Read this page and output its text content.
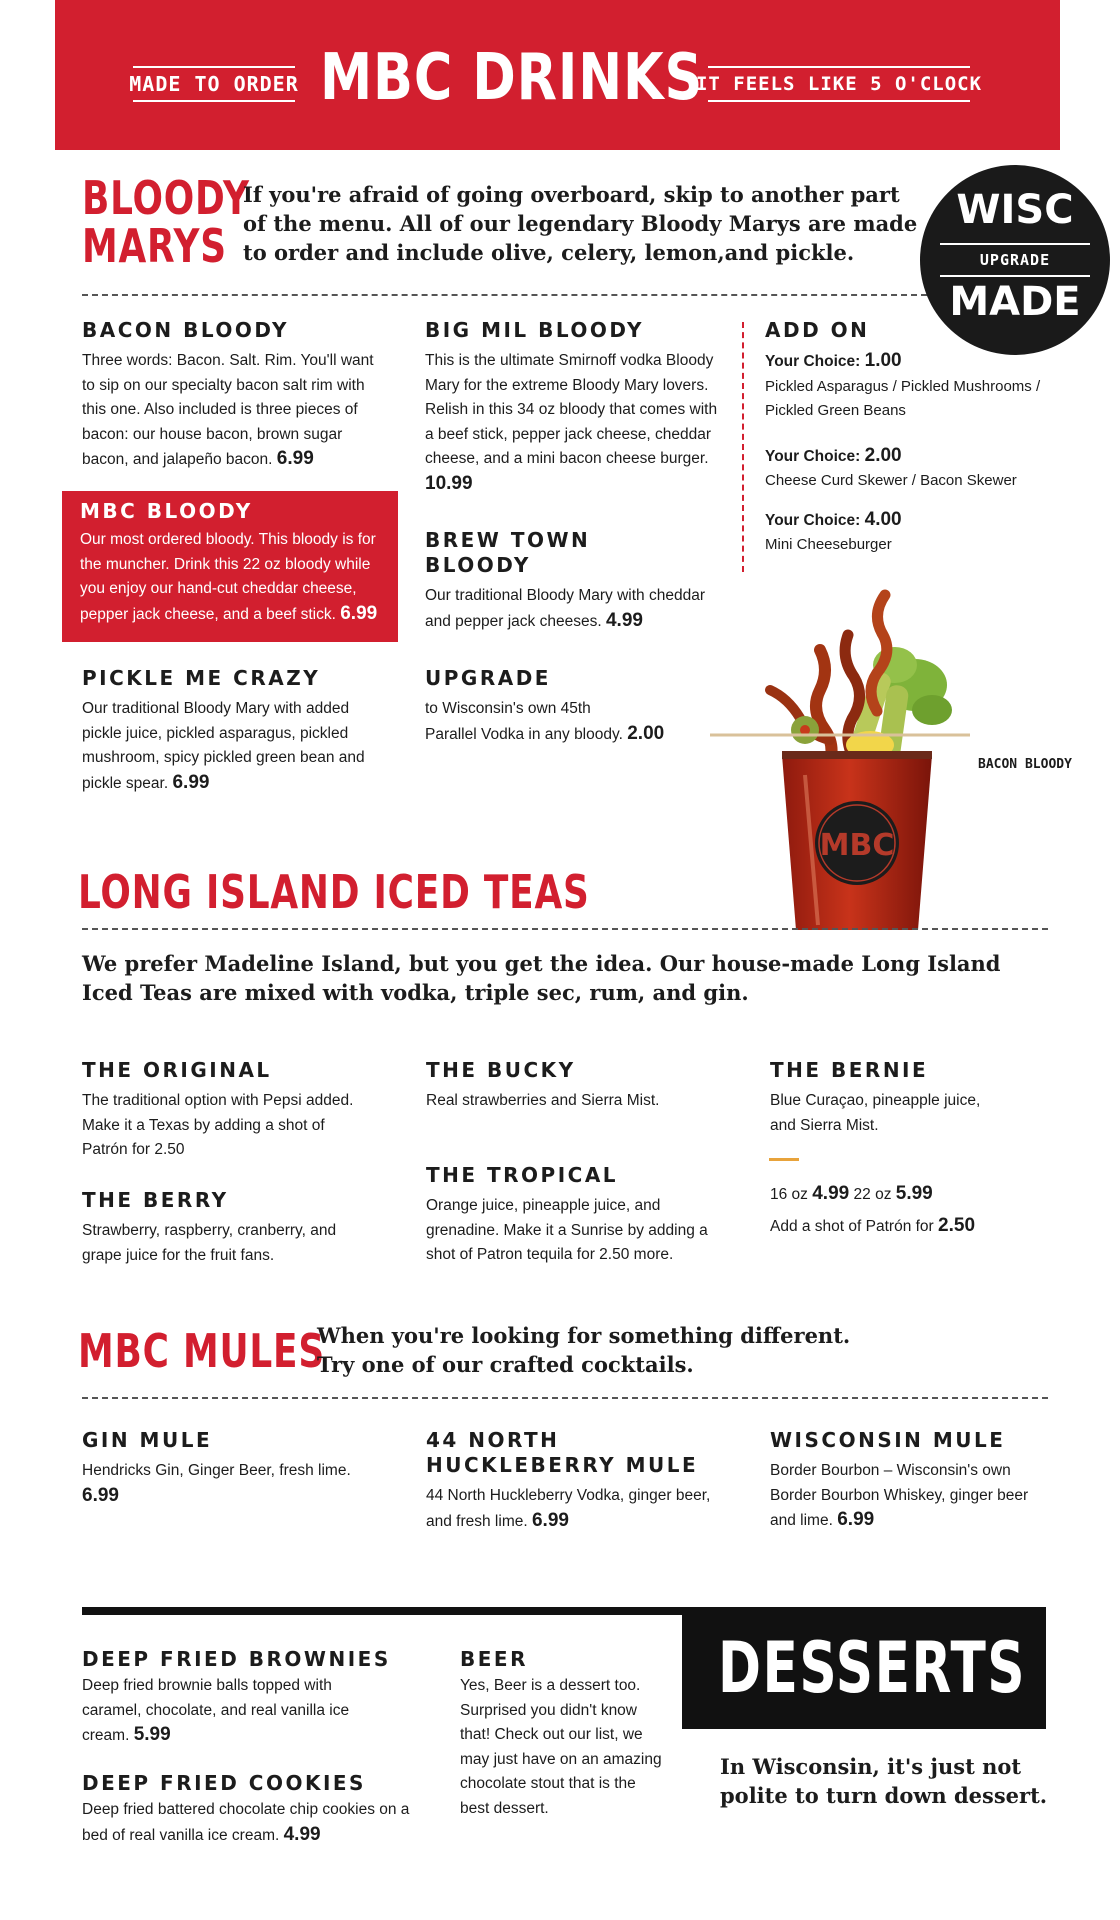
MADE TO ORDER MBC DRINKS
IT FEELS LIKE 5 O'CLOCK
BLOODY
MARYS
If you're afraid of going overboard, skip to another part of the menu. All of our legendary Bloody Marys are made to order and include olive, celery, lemon,and pickle.
WISC
UPGRADE
MADE
BACON BLOODY
Three words: Bacon. Salt. Rim. You'll want to sip on our specialty bacon salt rim with this one. Also included is three pieces of bacon: our house bacon, brown sugar bacon, and jalapeño bacon. 6.99
MBC BLOODY
Our most ordered bloody. This bloody is for the muncher. Drink this 22 oz bloody while you enjoy our hand-cut cheddar cheese, pepper jack cheese, and a beef stick. 6.99
PICKLE ME CRAZY
Our traditional Bloody Mary with added pickle juice, pickled asparagus, pickled mushroom, spicy pickled green bean and pickle spear. 6.99
BIG MIL BLOODY
This is the ultimate Smirnoff vodka Bloody Mary for the extreme Bloody Mary lovers. Relish in this 34 oz bloody that comes with a beef stick, pepper jack cheese, cheddar cheese, and a mini bacon cheese burger. 10.99
BREW TOWN
BLOODY
Our traditional Bloody Mary with cheddar and pepper jack cheeses. 4.99
UPGRADE
to Wisconsin's own 45th
Parallel Vodka in any bloody. 2.00
ADD ON
Your Choice: 1.00
Pickled Asparagus / Pickled Mushrooms / Pickled Green Beans
Your Choice: 2.00
Cheese Curd Skewer / Bacon Skewer
Your Choice: 4.00
Mini Cheeseburger
MBC
BACON BLOODY
LONG ISLAND ICED TEAS
We prefer Madeline Island, but you get the idea. Our house-made Long Island Iced Teas are mixed with vodka, triple sec, rum, and gin.
THE ORIGINAL
The traditional option with Pepsi added. Make it a Texas by adding a shot of Patrón for 2.50
THE BERRY
Strawberry, raspberry, cranberry, and grape juice for the fruit fans.
THE BUCKY
Real strawberries and Sierra Mist.
THE TROPICAL
Orange juice, pineapple juice, and grenadine. Make it a Sunrise by adding a shot of Patron tequila for 2.50 more.
THE BERNIE
Blue Curaçao, pineapple juice, and Sierra Mist.
16 oz 4.99 22 oz 5.99
Add a shot of Patrón for 2.50
MBC MULES
When you're looking for something different.
Try one of our crafted cocktails.
GIN MULE
Hendricks Gin, Ginger Beer, fresh lime.
6.99
44 NORTH
HUCKLEBERRY MULE
44 North Huckleberry Vodka, ginger beer, and fresh lime. 6.99
WISCONSIN MULE
Border Bourbon – Wisconsin's own Border Bourbon Whiskey, ginger beer and lime. 6.99
DESSERTS
In Wisconsin, it's just not polite to turn down dessert.
DEEP FRIED BROWNIES
Deep fried brownie balls topped with caramel, chocolate, and real vanilla ice cream. 5.99
DEEP FRIED COOKIES
Deep fried battered chocolate chip cookies on a bed of real vanilla ice cream. 4.99
BEER
Yes, Beer is a dessert too. Surprised you didn't know that! Check out our list, we may just have on an amazing chocolate stout that is the best dessert.
